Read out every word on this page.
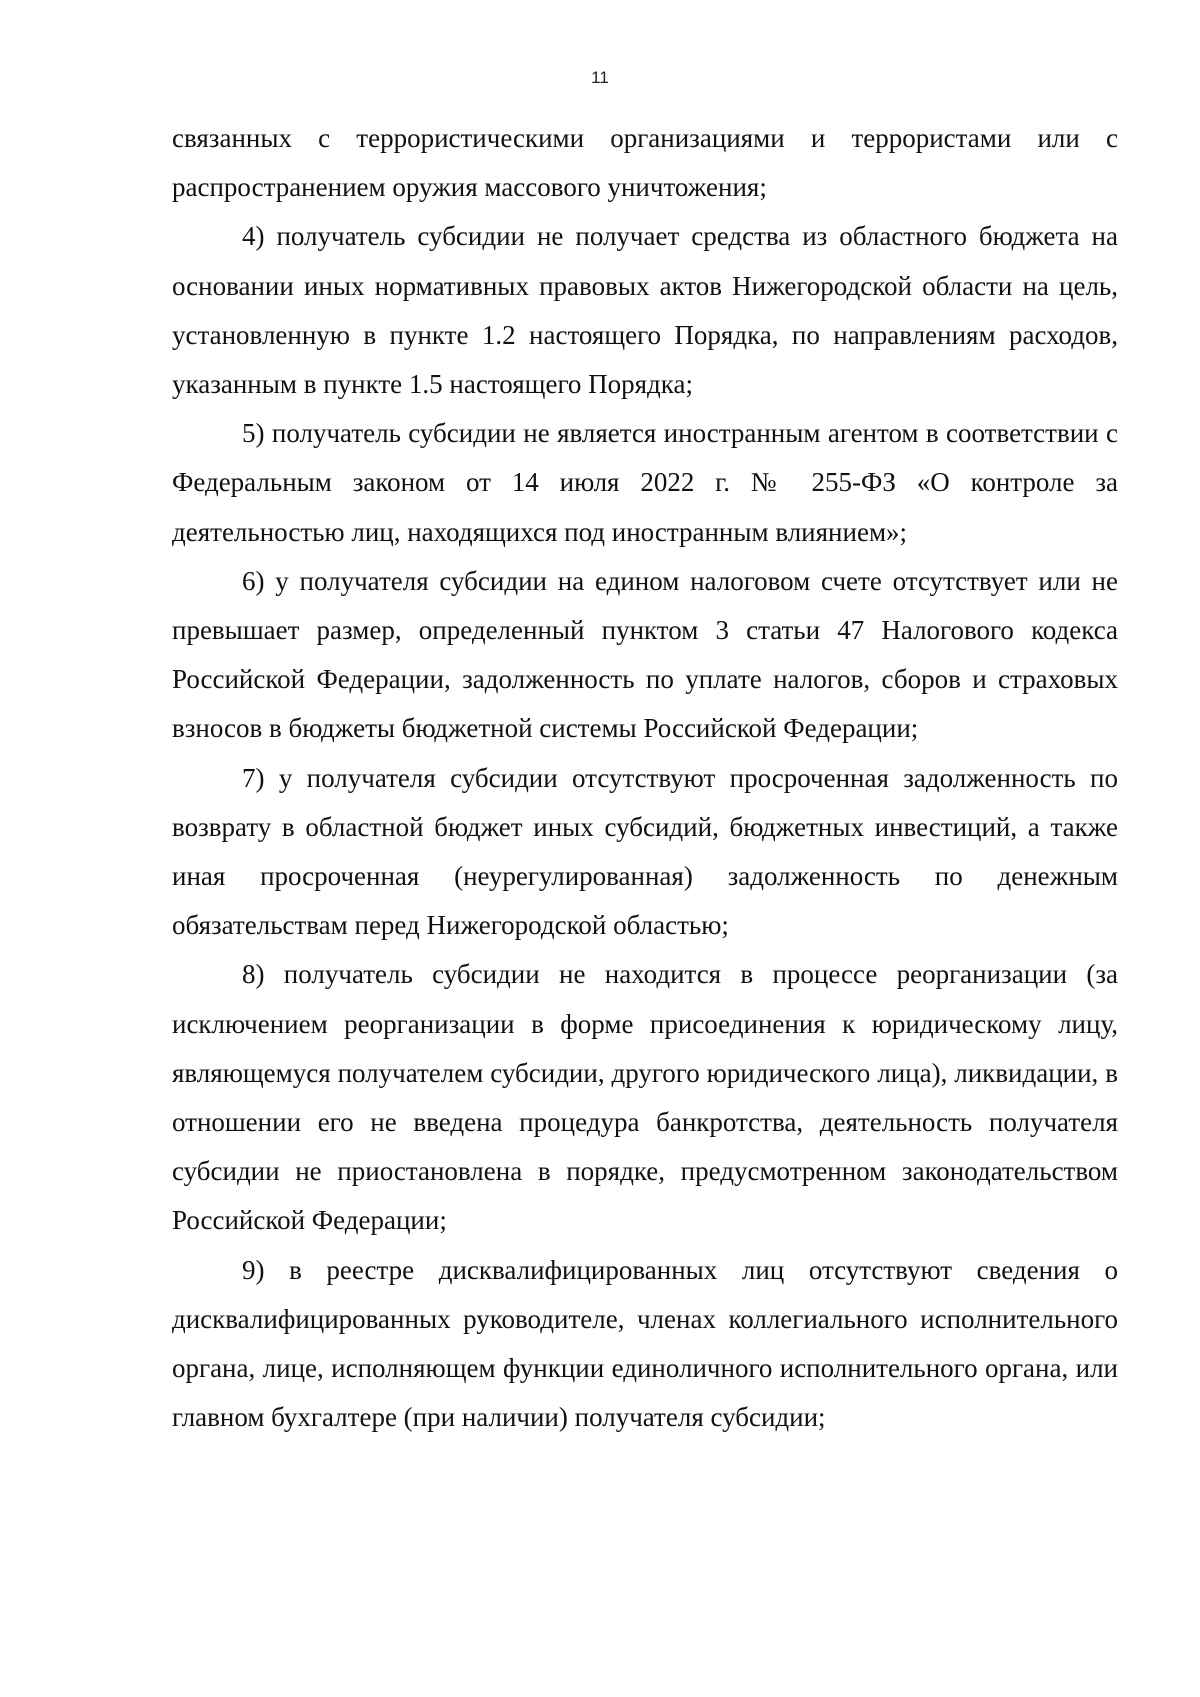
11

связанных с террористическими организациями и террористами или с распространением оружия массового уничтожения;

4) получатель субсидии не получает средства из областного бюджета на основании иных нормативных правовых актов Нижегородской области на цель, установленную в пункте 1.2 настоящего Порядка, по направлениям расходов, указанным в пункте 1.5 настоящего Порядка;

5) получатель субсидии не является иностранным агентом в соответствии с Федеральным законом от 14 июля 2022 г. № 255-ФЗ «О контроле за деятельностью лиц, находящихся под иностранным влиянием»;

6) у получателя субсидии на едином налоговом счете отсутствует или не превышает размер, определенный пунктом 3 статьи 47 Налогового кодекса Российской Федерации, задолженность по уплате налогов, сборов и страховых взносов в бюджеты бюджетной системы Российской Федерации;

7) у получателя субсидии отсутствуют просроченная задолженность по возврату в областной бюджет иных субсидий, бюджетных инвестиций, а также иная просроченная (неурегулированная) задолженность по денежным обязательствам перед Нижегородской областью;

8) получатель субсидии не находится в процессе реорганизации (за исключением реорганизации в форме присоединения к юридическому лицу, являющемуся получателем субсидии, другого юридического лица), ликвидации, в отношении его не введена процедура банкротства, деятельность получателя субсидии не приостановлена в порядке, предусмотренном законодательством Российской Федерации;

9) в реестре дисквалифицированных лиц отсутствуют сведения о дисквалифицированных руководителе, членах коллегиального исполнительного органа, лице, исполняющем функции единоличного исполнительного органа, или главном бухгалтере (при наличии) получателя субсидии;
